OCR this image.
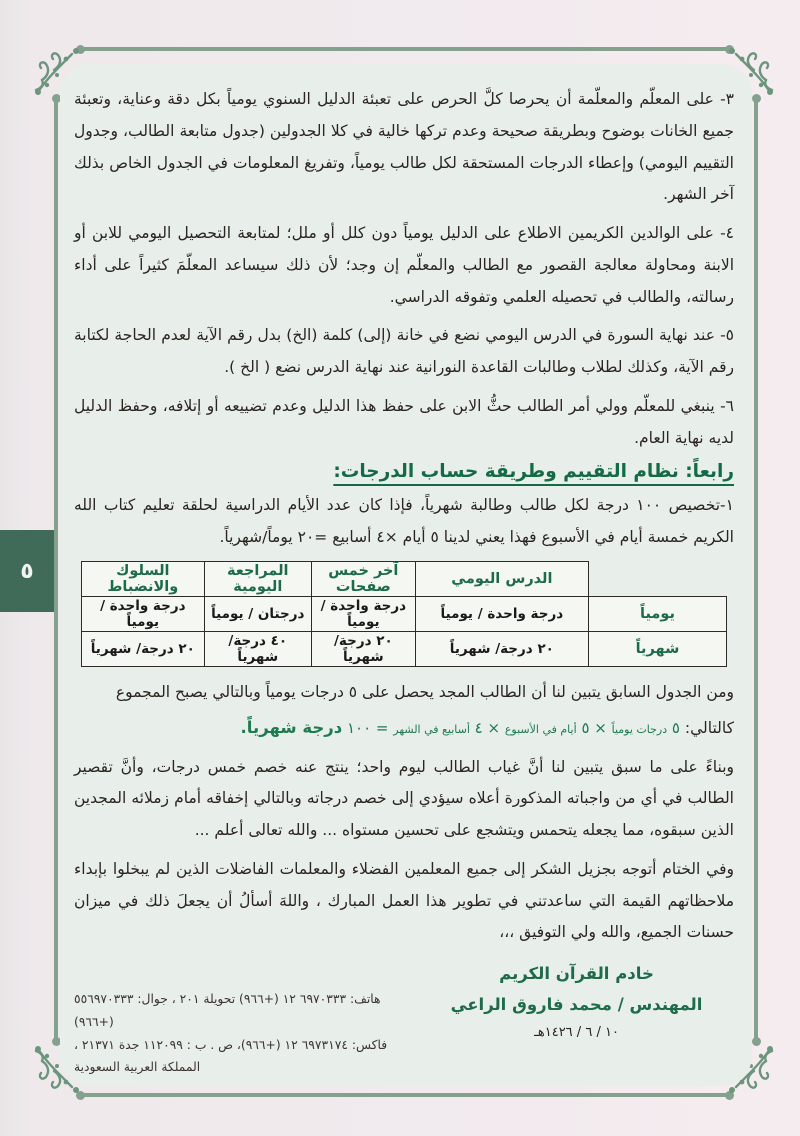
٥

٣- على المعلّم والمعلّمة أن يحرصا كلَّ الحرص على تعبئة الدليل السنوي يومياً بكل دقة وعناية، وتعبئة جميع الخانات بوضوح وبطريقة صحيحة وعدم تركها خالية في كلا الجدولين (جدول متابعة الطالب، وجدول التقييم اليومي) وإعطاء الدرجات المستحقة لكل طالب يومياً، وتفريغ المعلومات في الجدول الخاص بذلك آخر الشهر.

٤- على الوالدين الكريمين الاطلاع على الدليل يومياً دون كلل أو ملل؛ لمتابعة التحصيل اليومي للابن أو الابنة ومحاولة معالجة القصور مع الطالب والمعلّم إن وجد؛ لأن ذلك سيساعد المعلّمَ كثيراً على أداء رسالته، والطالب في تحصيله العلمي وتفوقه الدراسي.

٥- عند نهاية السورة في الدرس اليومي نضع في خانة (إلى) كلمة (الخ) بدل رقم الآية لعدم الحاجة لكتابة رقم الآية، وكذلك لطلاب وطالبات القاعدة النورانية عند نهاية الدرس نضع ( الخ ).

٦- ينبغي للمعلّم وولي أمر الطالب حثُّ الابن على حفظ هذا الدليل وعدم تضييعه أو إتلافه، وحفظ الدليل لديه نهاية العام.

رابعاً: نظام التقييم وطريقة حساب الدرجات:

١-تخصيص ١٠٠ درجة لكل طالب وطالبة شهرياً، فإذا كان عدد الأيام الدراسية لحلقة تعليم كتاب الله الكريم خمسة أيام في الأسبوع فهذا يعني لدينا ٥ أيام ×٤ أسابيع =٢٠ يوماً/شهرياً.

	الدرس اليومي	آخر خمس صفحات	المراجعة اليومية	السلوك والانضباط
يومياً	درجة واحدة / يومياً	درجة واحدة / يومياً	درجتان / يومياً	درجة واحدة / يومياً
شهرياً	٢٠ درجة/ شهرياً	٢٠ درجة/ شهرياً	٤٠ درجة/ شهرياً	٢٠ درجة/ شهرياً

ومن الجدول السابق يتبين لنا أن الطالب المجد يحصل على ٥ درجات يومياً وبالتالي يصبح المجموع

كالتالي: ٥ درجات يومياً × ٥ أيام في الأسبوع × ٤ أسابيع في الشهر = ١٠٠ درجة شهرياً.

وبناءً على ما سبق يتبين لنا أنَّ غياب الطالب ليوم واحد؛ ينتج عنه خصم خمس درجات، وأنَّ تقصير الطالب في أي من واجباته المذكورة أعلاه سيؤدي إلى خصم درجاته وبالتالي إخفاقه أمام زملائه المجدين الذين سبقوه، مما يجعله يتحمس ويتشجع على تحسين مستواه ... والله تعالى أعلم ...

وفي الختام أتوجه بجزيل الشكر إلى جميع المعلمين الفضلاء والمعلمات الفاضلات الذين لم يبخلوا بإبداء ملاحظاتهم القيمة التي ساعدتني في تطوير هذا العمل المبارك ، واللهَ أسألُ أن يجعلَ ذلك في ميزان حسنات الجميع، والله ولي التوفيق ،،،

خادم القرآن الكريم
المهندس / محمد فاروق الراعي
١٠ / ٦ / ١٤٢٦هـ
هاتف: ٦٩٧٠٣٣٣ ١٢ (+٩٦٦) تحويلة ٢٠١ ، جوال: ٥٥٦٩٧٠٣٣٣ (+٩٦٦)
فاكس: ٦٩٧٣١٧٤ ١٢ (+٩٦٦)، ص . ب : ١١٢٠٩٩ جدة ٢١٣٧١ ، المملكة العربية السعودية
